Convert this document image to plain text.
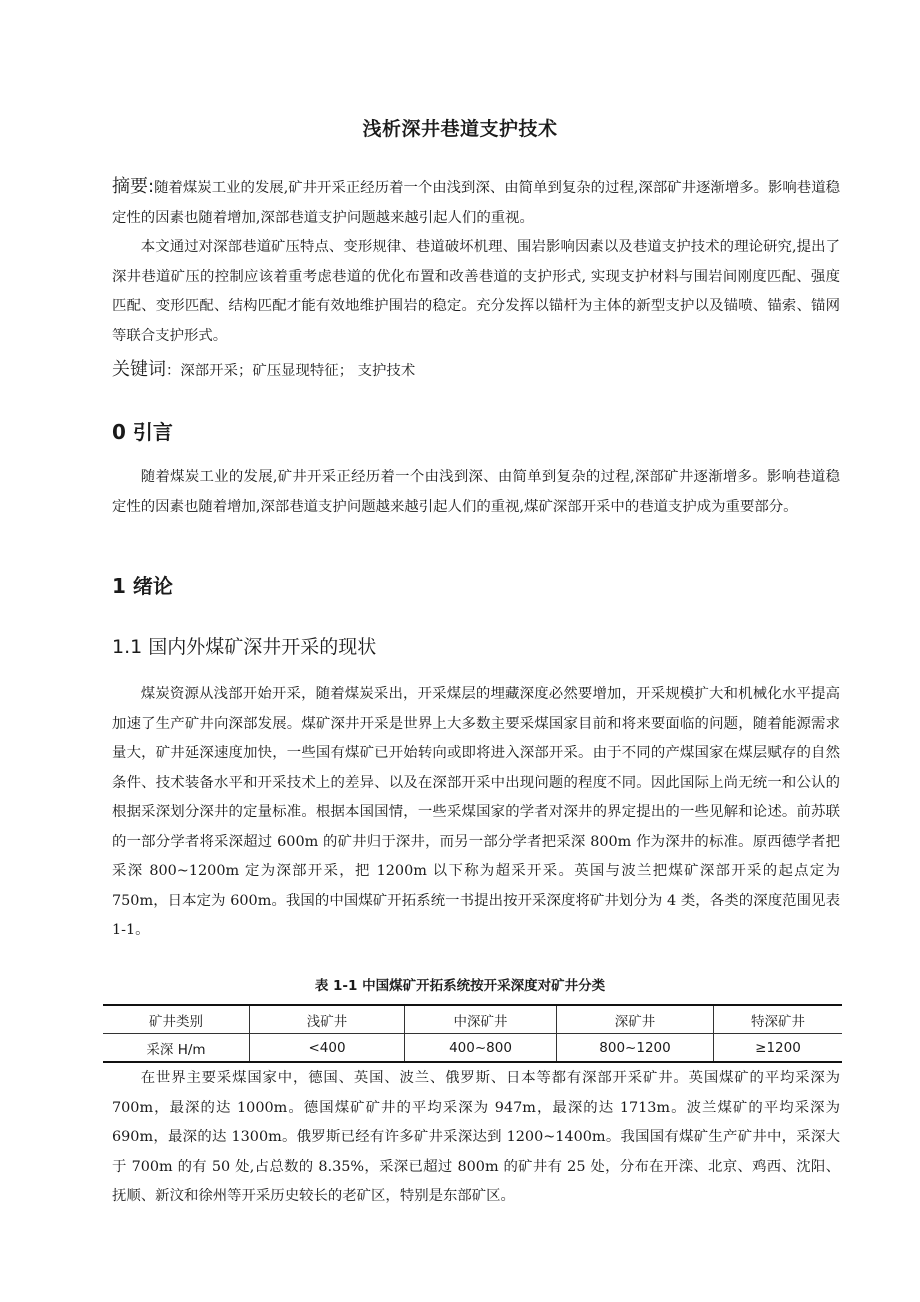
浅析深井巷道支护技术

摘要:随着煤炭工业的发展,矿井开采正经历着一个由浅到深、由简单到复杂的过程,深部矿井逐渐增多。影响巷道稳定性的因素也随着增加,深部巷道支护问题越来越引起人们的重视。

本文通过对深部巷道矿压特点、变形规律、巷道破坏机理、围岩影响因素以及巷道支护技术的理论研究,提出了深井巷道矿压的控制应该着重考虑巷道的优化布置和改善巷道的支护形式, 实现支护材料与围岩间刚度匹配、强度匹配、变形匹配、结构匹配才能有效地维护围岩的稳定。充分发挥以锚杆为主体的新型支护以及锚喷、锚索、锚网等联合支护形式。

关键词：深部开采；矿压显现特征； 支护技术

0 引言

随着煤炭工业的发展,矿井开采正经历着一个由浅到深、由简单到复杂的过程,深部矿井逐渐增多。影响巷道稳定性的因素也随着增加,深部巷道支护问题越来越引起人们的重视,煤矿深部开采中的巷道支护成为重要部分。

1 绪论
1.1 国内外煤矿深井开采的现状

煤炭资源从浅部开始开采，随着煤炭采出，开采煤层的埋藏深度必然要增加，开采规模扩大和机械化水平提高加速了生产矿井向深部发展。煤矿深井开采是世界上大多数主要采煤国家目前和将来要面临的问题，随着能源需求量大，矿井延深速度加快，一些国有煤矿已开始转向或即将进入深部开采。由于不同的产煤国家在煤层赋存的自然条件、技术装备水平和开采技术上的差异、以及在深部开采中出现问题的程度不同。因此国际上尚无统一和公认的根据采深划分深井的定量标准。根据本国国情，一些采煤国家的学者对深井的界定提出的一些见解和论述。前苏联的一部分学者将采深超过 600m 的矿井归于深井，而另一部分学者把采深 800m 作为深井的标准。原西德学者把采深 800~1200m 定为深部开采，把 1200m 以下称为超采开采。英国与波兰把煤矿深部开采的起点定为 750m，日本定为 600m。我国的中国煤矿开拓系统一书提出按开采深度将矿井划分为 4 类，各类的深度范围见表 1-1。

表 1-1 中国煤矿开拓系统按开采深度对矿井分类

矿井类别	浅矿井	中深矿井	深矿井	特深矿井
采深 H/m	<400	400~800	800~1200	≥1200

在世界主要采煤国家中，德国、英国、波兰、俄罗斯、日本等都有深部开采矿井。英国煤矿的平均采深为 700m，最深的达 1000m。德国煤矿矿井的平均采深为 947m，最深的达 1713m。波兰煤矿的平均采深为 690m，最深的达 1300m。俄罗斯已经有许多矿井采深达到 1200~1400m。我国国有煤矿生产矿井中，采深大于 700m 的有 50 处,占总数的 8.35%，采深已超过 800m 的矿井有 25 处，分布在开滦、北京、鸡西、沈阳、抚顺、新汶和徐州等开采历史较长的老矿区，特别是东部矿区。
